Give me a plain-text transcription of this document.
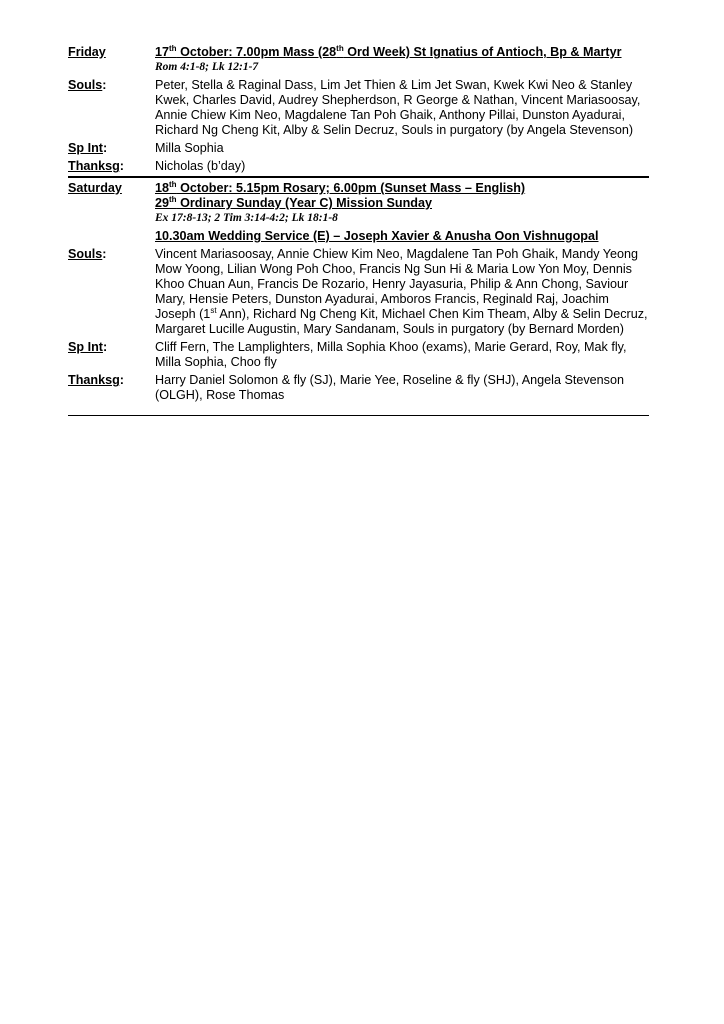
Friday	17th October: 7.00pm Mass (28th Ord Week) St Ignatius of Antioch, Bp & Martyr
Rom 4:1-8; Lk 12:1-7
Souls:	Peter, Stella & Raginal Dass, Lim Jet Thien & Lim Jet Swan, Kwek Kwi Neo & Stanley Kwek, Charles David, Audrey Shepherdson, R George & Nathan, Vincent Mariasoosay, Annie Chiew Kim Neo, Magdalene Tan Poh Ghaik, Anthony Pillai, Dunston Ayadurai, Richard Ng Cheng Kit, Alby & Selin Decruz, Souls in purgatory (by Angela Stevenson)
Sp Int:	Milla Sophia
Thanksg:	Nicholas (b’day)
Saturday	18th October: 5.15pm Rosary; 6.00pm (Sunset Mass – English)
29th Ordinary Sunday (Year C) Mission Sunday
Ex 17:8-13; 2 Tim 3:14-4:2; Lk 18:1-8
10.30am Wedding Service (E) – Joseph Xavier & Anusha Oon Vishnugopal
Souls:	Vincent Mariasoosay, Annie Chiew Kim Neo, Magdalene Tan Poh Ghaik, Mandy Yeong Mow Yoong, Lilian Wong Poh Choo, Francis Ng Sun Hi & Maria Low Yon Moy, Dennis Khoo Chuan Aun, Francis De Rozario, Henry Jayasuria, Philip & Ann Chong, Saviour Mary, Hensie Peters, Dunston Ayadurai, Amboros Francis, Reginald Raj, Joachim Joseph (1st Ann), Richard Ng Cheng Kit, Michael Chen Kim Theam, Alby & Selin Decruz, Margaret Lucille Augustin, Mary Sandanam, Souls in purgatory (by Bernard Morden)
Sp Int:	Cliff Fern, The Lamplighters, Milla Sophia Khoo (exams), Marie Gerard, Roy, Mak fly, Milla Sophia, Choo fly
Thanksg:	Harry Daniel Solomon & fly (SJ), Marie Yee, Roseline & fly (SHJ), Angela Stevenson (OLGH), Rose Thomas
